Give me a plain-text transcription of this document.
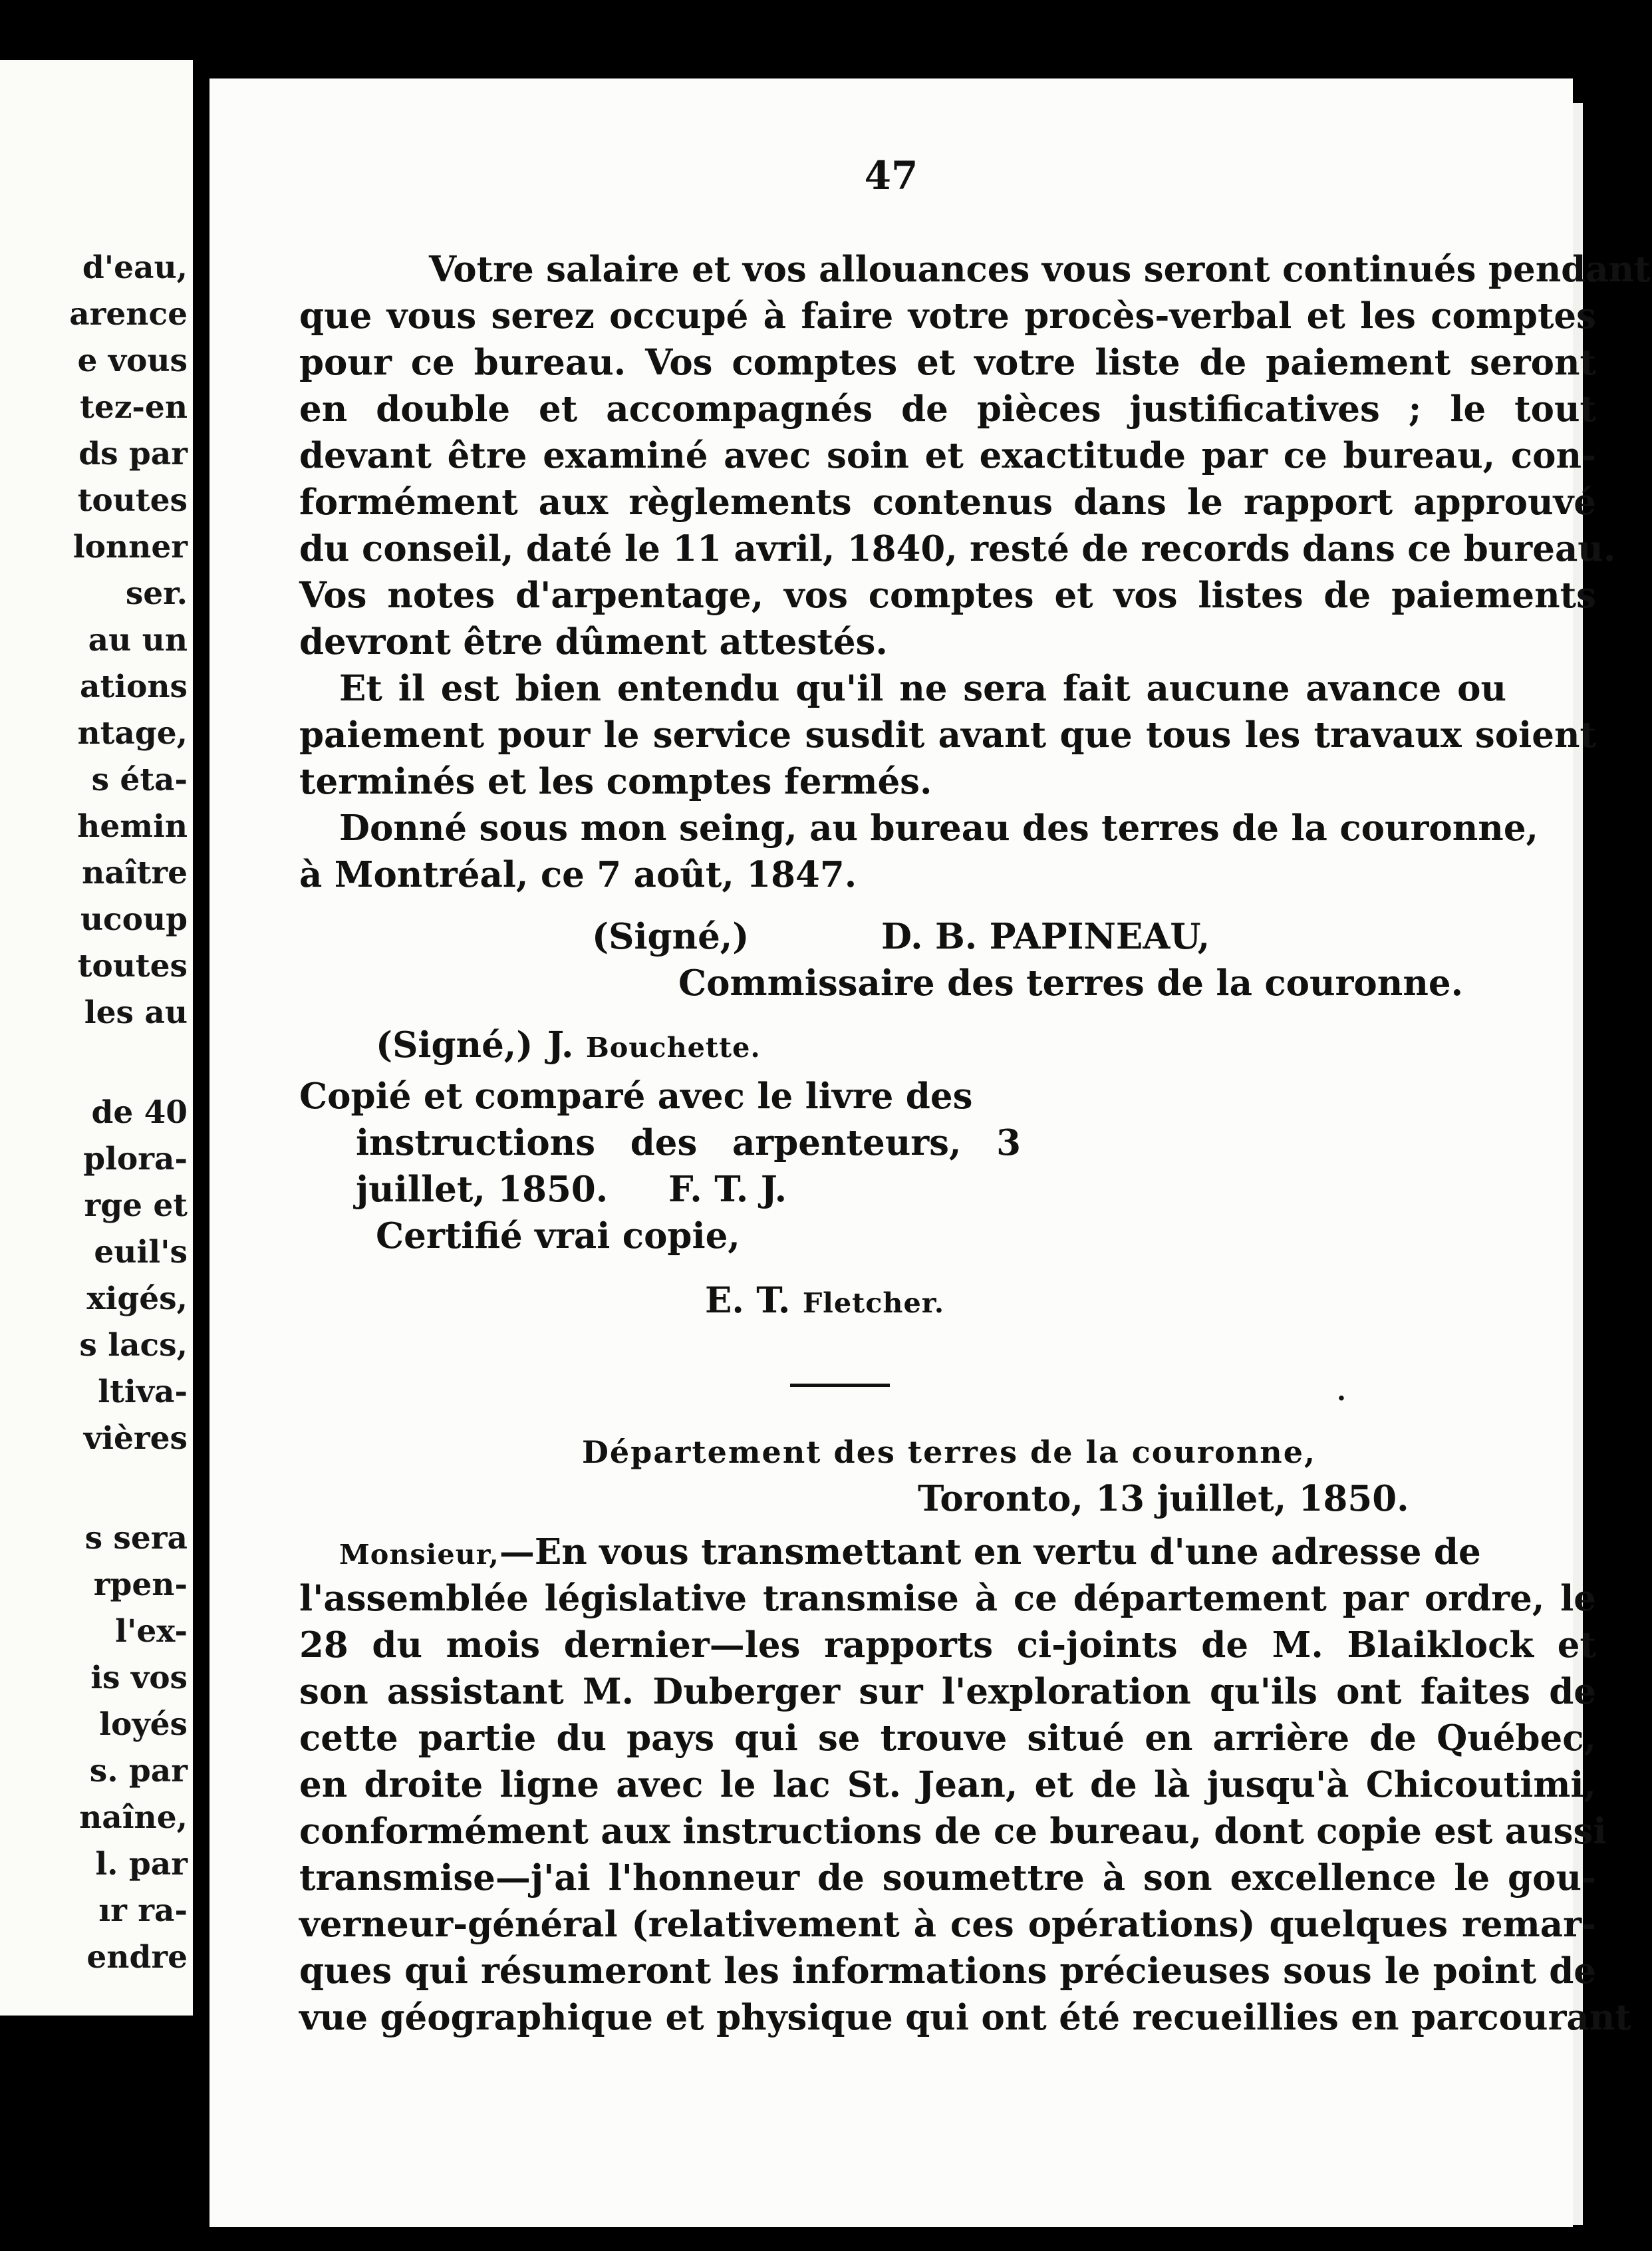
d'eau,
arence
e vous
tez-en
ds par
toutes
lonner
ser.
au un
ations
ntage,
s éta-
hemin
naître
ucoup
toutes
les au
de 40
plora-
rge et
euil's
xigés,
s lacs,
ltiva-
vières
s sera
rpen-
l'ex-
is vos
loyés
s. par
naîne,
l. par
ır ra-
endre
47
Votre salaire et vos allouances vous seront continués pendant
que vous serez occupé à faire votre procès-verbal et les comptes
pour ce bureau. Vos comptes et votre liste de paiement seront
en double et accompagnés de pièces justificatives ; le tout
devant être examiné avec soin et exactitude par ce bureau, con-
formément aux règlements contenus dans le rapport approuvé
du conseil, daté le 11 avril, 1840, resté de records dans ce bureau.
Vos notes d'arpentage, vos comptes et vos listes de paiements
devront être dûment attestés.
Et il est bien entendu qu'il ne sera fait aucune avance ou
paiement pour le service susdit avant que tous les travaux soient
terminés et les comptes fermés.
Donné sous mon seing, au bureau des terres de la couronne,
à Montréal, ce 7 août, 1847.
(Signé,)	D. B. PAPINEAU,
Commissaire des terres de la couronne.
(Signé,) J. Bouchette.
Copié et comparé avec le livre des
instructions des arpenteurs, 3
juillet, 1850. F. T. J.
Certifié vrai copie,
E. T. Fletcher.
.
Département des terres de la couronne,
Toronto, 13 juillet, 1850.
Monsieur,—En vous transmettant en vertu d'une adresse de
l'assemblée législative transmise à ce département par ordre, le
28 du mois dernier—les rapports ci-joints de M. Blaiklock et
son assistant M. Duberger sur l'exploration qu'ils ont faites de
cette partie du pays qui se trouve situé en arrière de Québec,
en droite ligne avec le lac St. Jean, et de là jusqu'à Chicoutimi,
conformément aux instructions de ce bureau, dont copie est aussi
transmise—j'ai l'honneur de soumettre à son excellence le gou-
verneur-général (relativement à ces opérations) quelques remar-
ques qui résumeront les informations précieuses sous le point de
vue géographique et physique qui ont été recueillies en parcourant
